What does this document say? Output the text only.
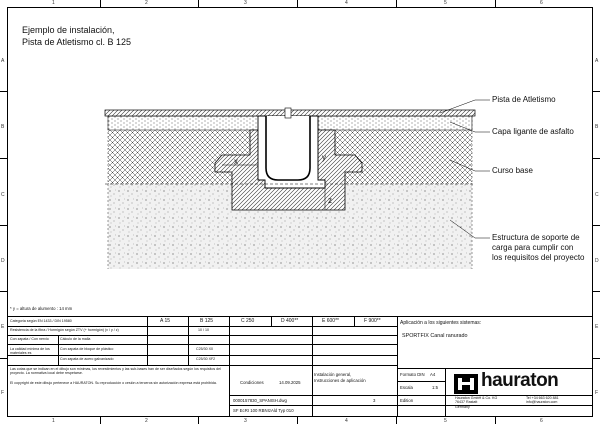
1
1
2
2
3
3
4
4
5
5
6
6
A	A
B	B
C	C
D	D
E	E
F	F
Ejemplo de instalación,
Pista de Atletismo cl. B 125
x	y
z
Pista de Atletismo
Capa ligante de asfalto
Curso base
Estructura de soporte de
carga para cumplir con
los requisitos del proyecto
* y = altura de alumento : 14 mm
Categoría según EN 1433 / DIN 19580	A 15	B 125	C 250	D 400**	E 600**	F 900**
Resistencia de la fibra / Hormigón según ZTV (+ hormigón) (x / y / z)	10 / 10
Con zapata / Con nervio	Cálculo de la malla
La calidad mínima de los materiales es
Con zapata de bloque de plástico	C25/30 X0
Con zapata de acero galvanizado	C25/30 XF2
Aplicación a los siguientes sistemas:
SPORTFIX Canal ranurado
Las cotas que se indican en el dibujo son mínimas, los revestimientos y las sub-bases han de ser diseñados según los requisitos del proyecto. La normativa local debe respetarse.
El copyright de este dibujo pertenece a HAURATON. Su reproducción o cesión a terceros sin autorización expresa está prohibida.	Condiciones	14.09.2025
Instalación general,
Instrucciones de aplicación
0000157830_SPANISH.dwg	3
SF EcRI 100 RBNIzAld Typ 010
Formato DIN A4
Escala	1:5
Edition
hauraton
Hauraton GmbH & Co. KG
76437 Rastatt
Germany
Tel +34 663 620 881
info@hauraton.com
